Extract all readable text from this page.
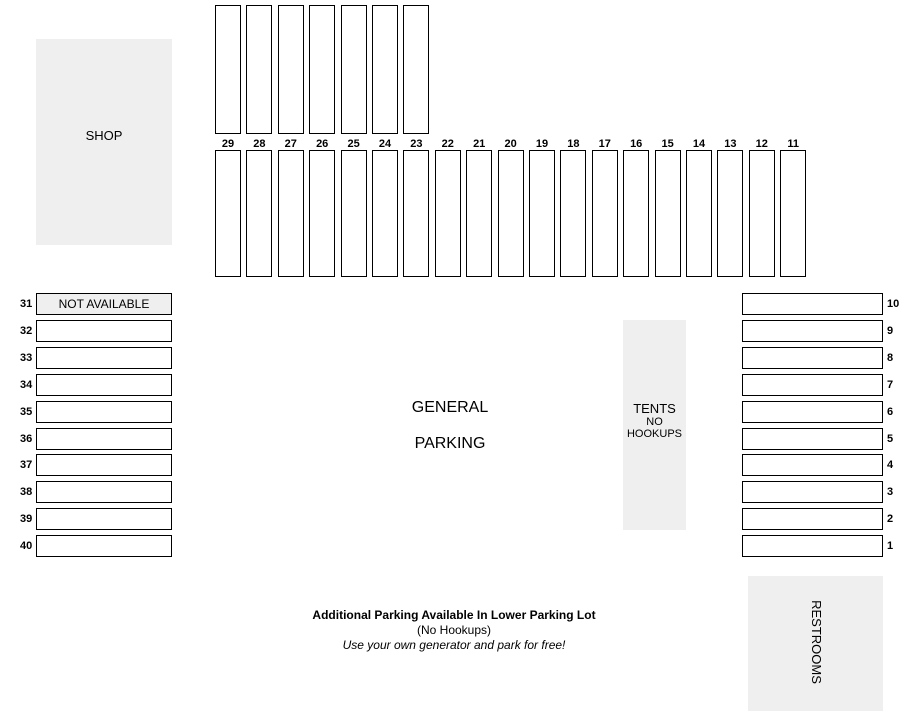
SHOP
GENERAL
PARKING
TENTS
NO
HOOKUPS
RESTROOMS
Additional Parking Available In Lower Parking Lot
(No Hookups)
Use your own generator and park for free!
29	28	27	26	25	24	23	22	21	20	19	18	17	16	15	14	13	12	11
31	NOT AVAILABLE
32
33
34
35
36
37
38
39
40
10
9
8
7
6
5
4
3
2
1
